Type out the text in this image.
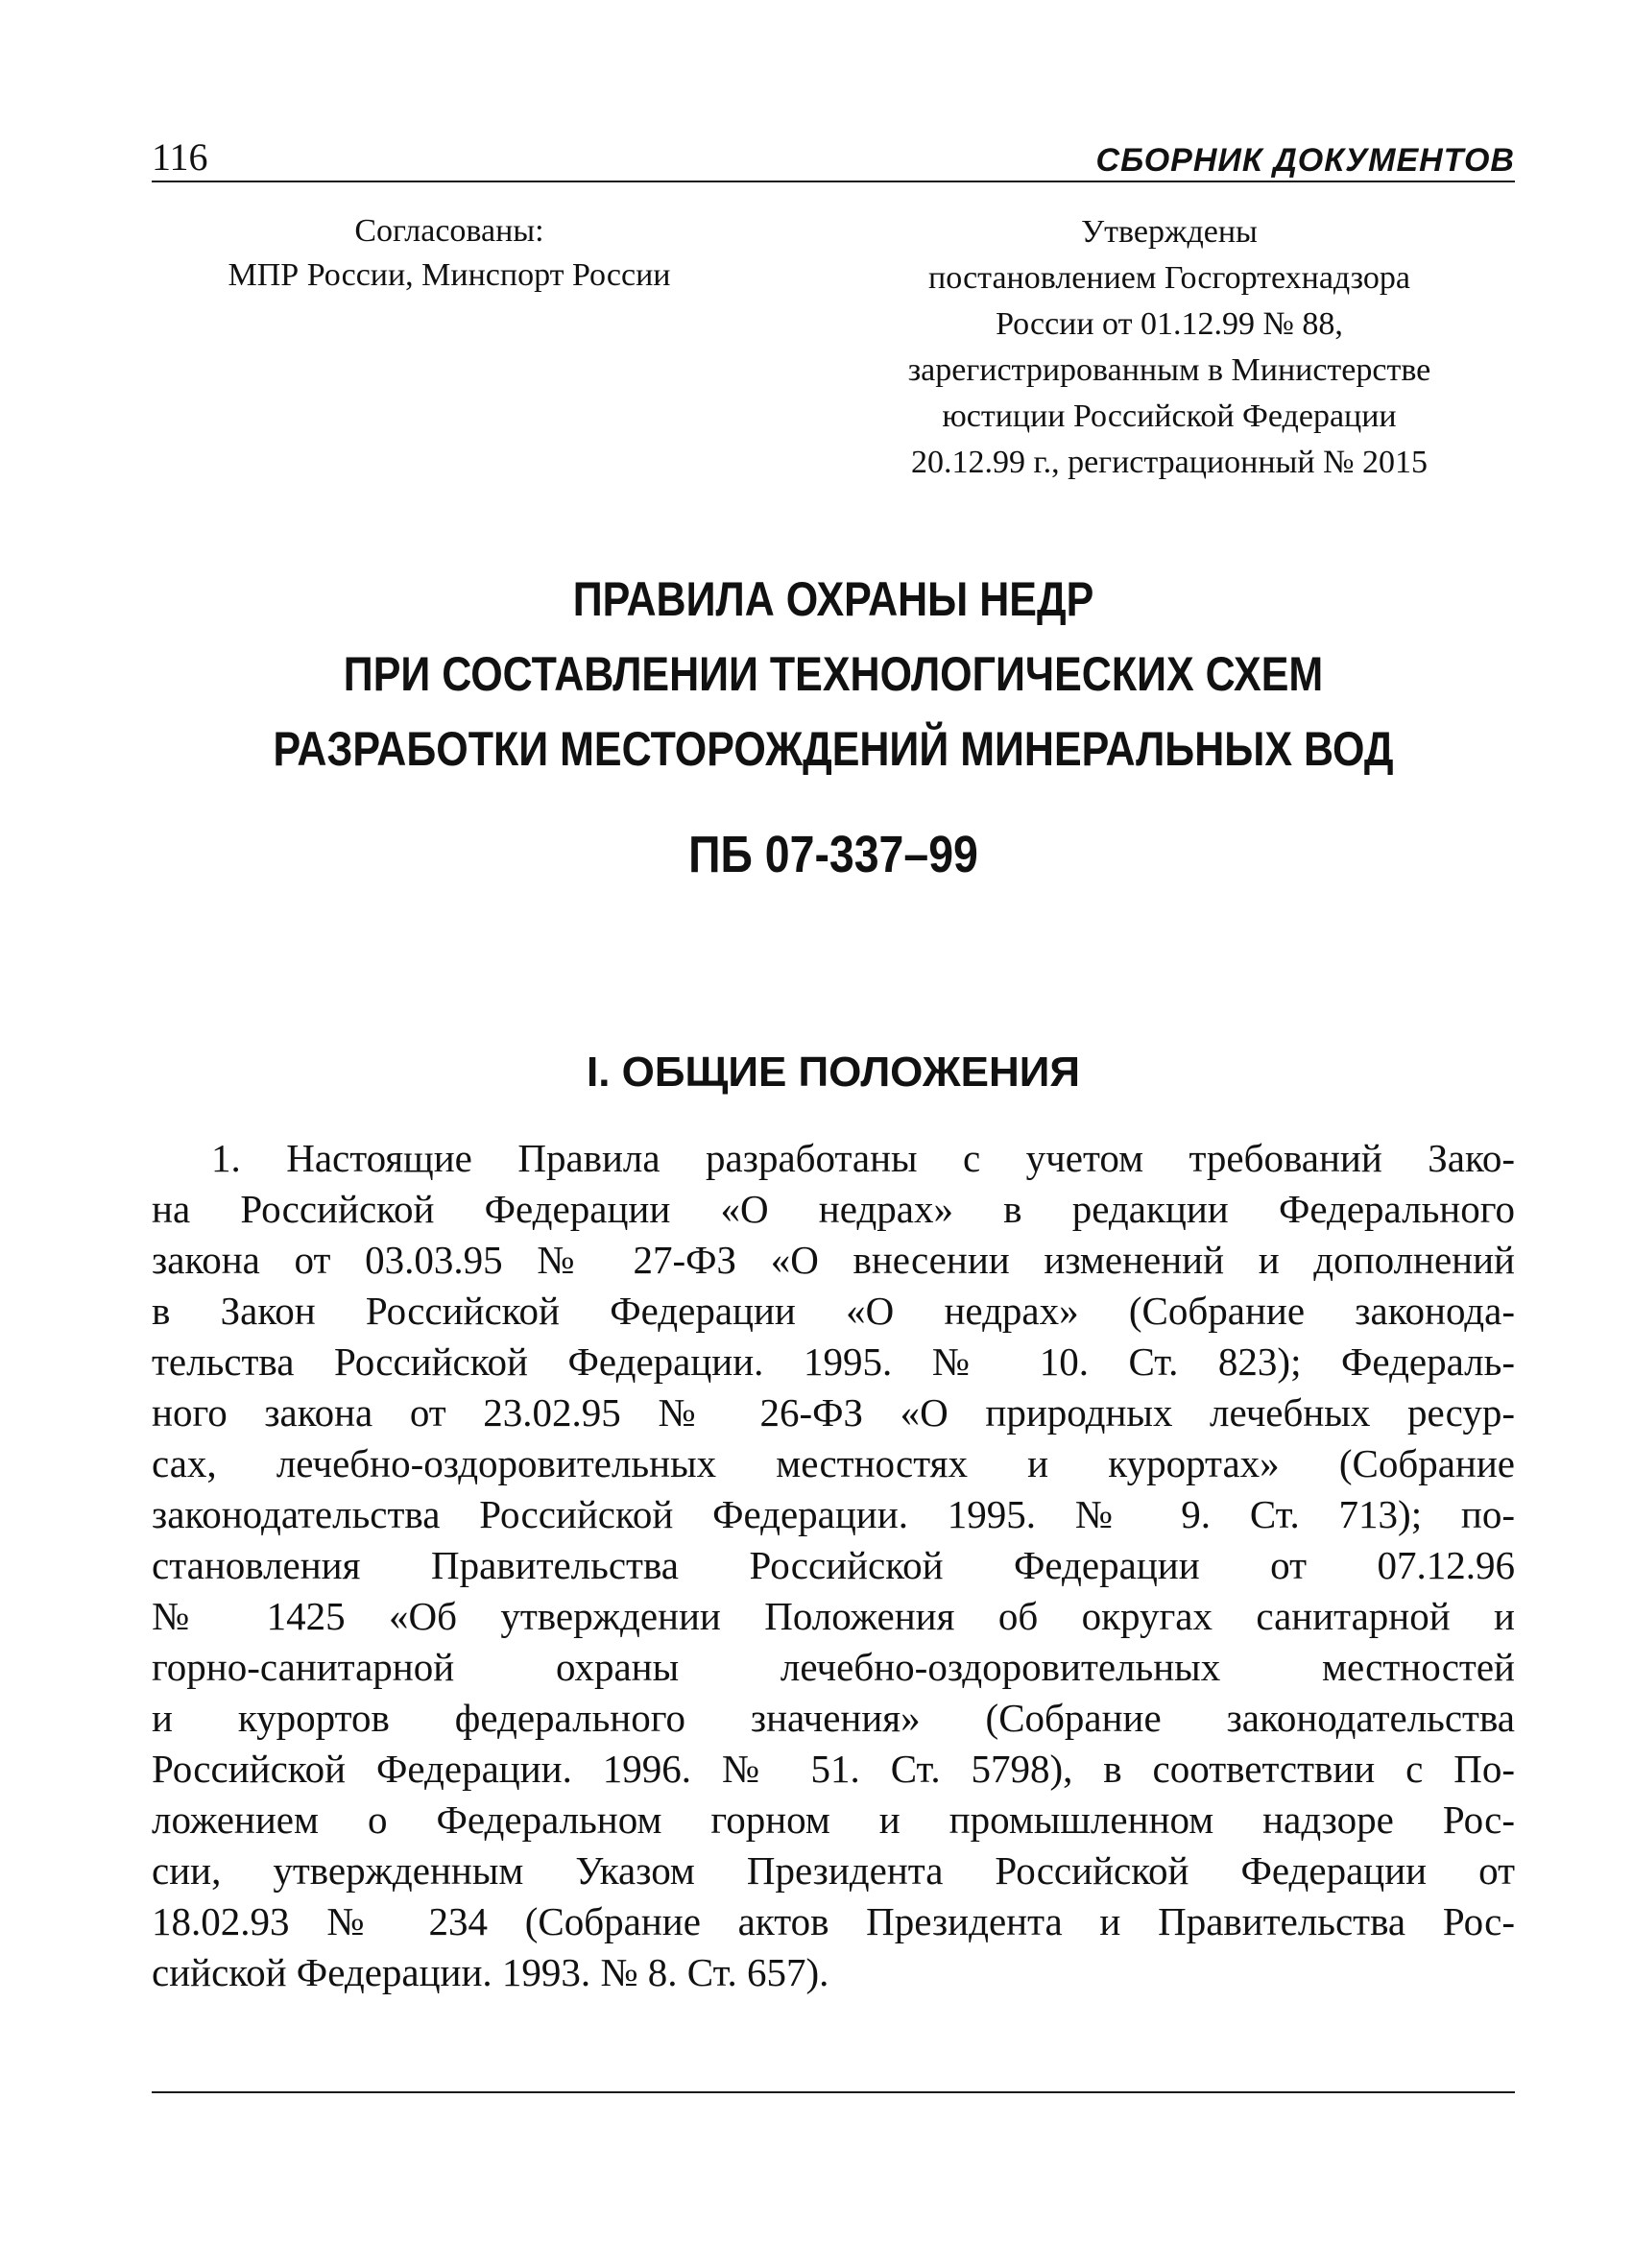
116	СБОРНИК ДОКУМЕНТОВ
Согласованы:
МПР России, Минспорт России
Утверждены
постановлением Госгортехнадзора
России от 01.12.99 № 88,
зарегистрированным в Министерстве
юстиции Российской Федерации
20.12.99 г., регистрационный № 2015
ПРАВИЛА ОХРАНЫ НЕДР
ПРИ СОСТАВЛЕНИИ ТЕХНОЛОГИЧЕСКИХ СХЕМ
РАЗРАБОТКИ МЕСТОРОЖДЕНИЙ МИНЕРАЛЬНЫХ ВОД
ПБ 07-337–99
I. ОБЩИЕ ПОЛОЖЕНИЯ
1. Настоящие Правила разработаны с учетом требований Зако-
на Российской Федерации «О недрах» в редакции Федерального
закона от 03.03.95 № 27-ФЗ «О внесении изменений и дополнений
в Закон Российской Федерации «О недрах» (Собрание законода-
тельства Российской Федерации. 1995. № 10. Ст. 823); Федераль-
ного закона от 23.02.95 № 26-ФЗ «О природных лечебных ресур-
сах, лечебно-оздоровительных местностях и курортах» (Собрание
законодательства Российской Федерации. 1995. № 9. Ст. 713); по-
становления Правительства Российской Федерации от 07.12.96
№ 1425 «Об утверждении Положения об округах санитарной и
горно-санитарной охраны лечебно-оздоровительных местностей
и курортов федерального значения» (Собрание законодательства
Российской Федерации. 1996. № 51. Ст. 5798), в соответствии с По-
ложением о Федеральном горном и промышленном надзоре Рос-
сии, утвержденным Указом Президента Российской Федерации от
18.02.93 № 234 (Собрание актов Президента и Правительства Рос-
сийской Федерации. 1993. № 8. Ст. 657).
